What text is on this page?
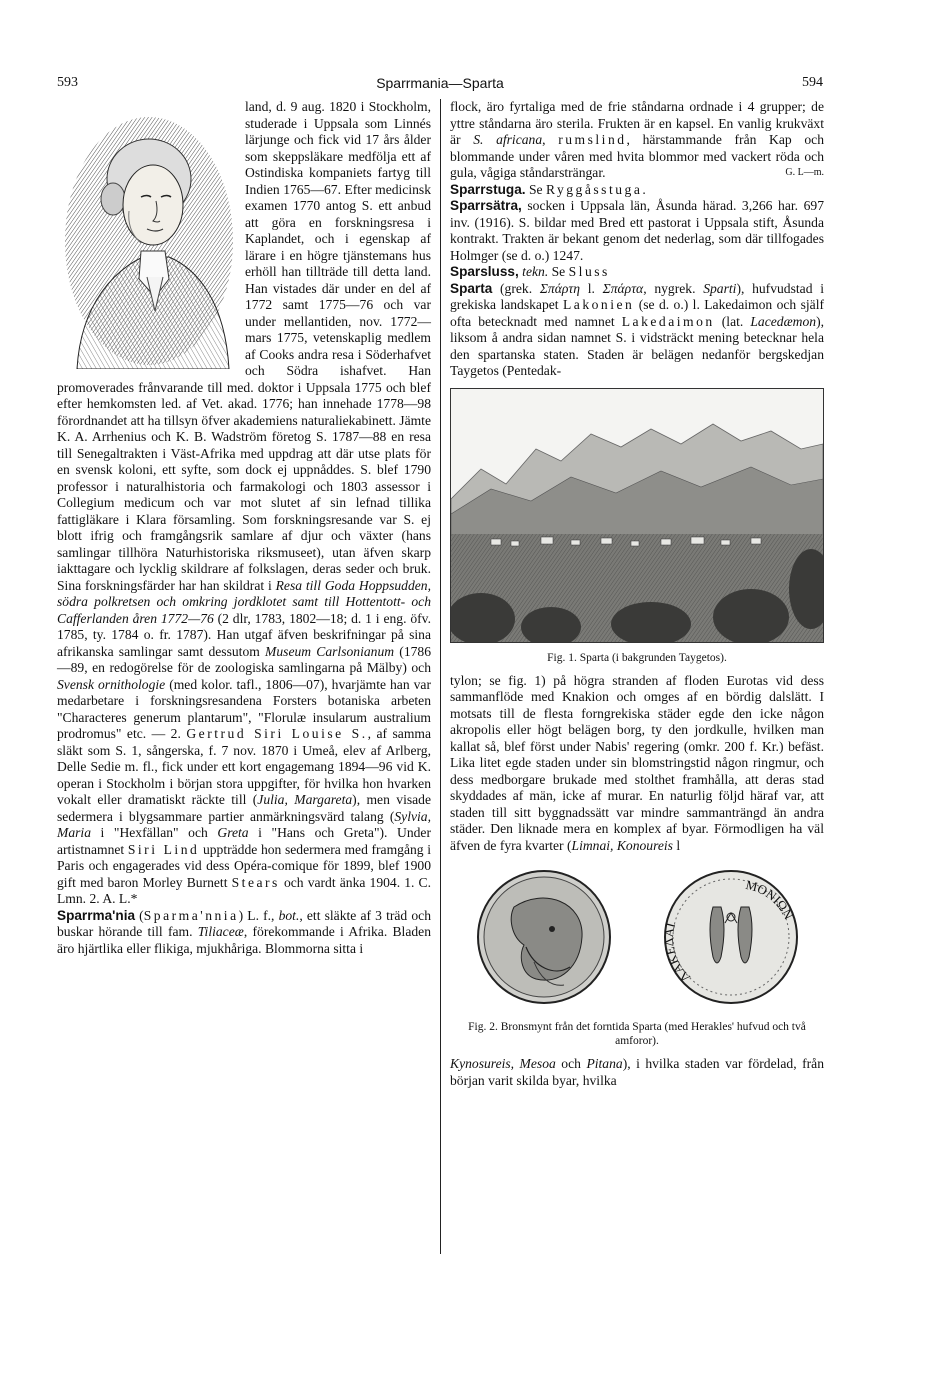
593	Sparrmania—Sparta	594

land, d. 9 aug. 1820 i Stockholm, studerade i Uppsala som Linnés lärjunge och fick vid 17 års ålder som skeppsläkare medfölja ett af Ostindiska kompaniets fartyg till Indien 1765—67. Efter medicinsk examen 1770 antog S. ett anbud att göra en forskningsresa i Kaplandet, och i egenskap af lärare i en högre tjänstemans hus erhöll han tillträde till detta land. Han vistades där under en del af 1772 samt 1775—76 och var under mellantiden, nov. 1772—mars 1775, vetenskaplig medlem af Cooks andra resa i Söderhafvet och Södra ishafvet. Han promoverades frånvarande till med. doktor i Uppsala 1775 och blef efter hemkomsten led. af Vet. akad. 1776; han innehade 1778—98 förordnandet att ha tillsyn öfver akademiens naturaliekabinett. Jämte K. A. Arrhenius och K. B. Wadström företog S. 1787—88 en resa till Senegaltrakten i Väst-Afrika med uppdrag att där utse plats för en svensk koloni, ett syfte, som dock ej uppnåddes. S. blef 1790 professor i naturalhistoria och farmakologi och 1803 assessor i Collegium medicum och var mot slutet af sin lefnad tillika fattigläkare i Klara församling. Som forskningsresande var S. ej blott ifrig och framgångsrik samlare af djur och växter (hans samlingar tillhöra Naturhistoriska riksmuseet), utan äfven skarp iakttagare och lycklig skildrare af folkslagen, deras seder och bruk. Sina forskningsfärder har han skildrat i Resa till Goda Hoppsudden, södra polkretsen och omkring jordklotet samt till Hottentott- och Cafferlanden åren 1772—76 (2 dlr, 1783, 1802—18; d. 1 i eng. öfv. 1785, ty. 1784 o. fr. 1787). Han utgaf äfven beskrifningar på sina afrikanska samlingar samt dessutom Museum Carlsonianum (1786—89, en redogörelse för de zoologiska samlingarna på Mälby) och Svensk ornithologie (med kolor. tafl., 1806—07), hvarjämte han var medarbetare i forskningsresandena Forsters botaniska arbeten "Characteres generum plantarum", "Florulæ insularum australium prodromus" etc. — 2. Gertrud Siri Louise S., af samma släkt som S. 1, sångerska, f. 7 nov. 1870 i Umeå, elev af Arlberg, Delle Sedie m. fl., fick under ett kort engagemang 1894—96 vid K. operan i Stockholm i början stora uppgifter, för hvilka hon hvarken vokalt eller dramatiskt räckte till (Julia, Margareta), men visade sedermera i blygsammare partier anmärkningsvärd talang (Sylvia, Maria i "Hexfällan" och Greta i "Hans och Greta"). Under artistnamnet Siri Lind uppträdde hon sedermera med framgång i Paris och engagerades vid dess Opéra-comique för 1899, blef 1900 gift med baron Morley Burnett Stears och vardt änka 1904. 1. C. Lmn. 2. A. L.*

Sparrma'nia (Sparma'nnia) L. f., bot., ett släkte af 3 träd och buskar hörande till fam. Tiliaceæ, förekommande i Afrika. Bladen äro hjärtlika eller flikiga, mjukhåriga. Blommorna sitta i

flock, äro fyrtaliga med de frie ståndarna ordnade i 4 grupper; de yttre ståndarna äro sterila. Frukten är en kapsel. En vanlig krukväxt är S. africana, rumslind, härstammande från Kap och blommande under våren med hvita blommor med vackert röda och gula, vågiga ståndarsträngar.	G. L—m.

Sparrstuga. Se Ryggåsstuga.

Sparrsätra, socken i Uppsala län, Åsunda härad. 3,266 har. 697 inv. (1916). S. bildar med Bred ett pastorat i Uppsala stift, Åsunda kontrakt. Trakten är bekant genom det nederlag, som där tillfogades Holmger (se d. o.) 1247.

Sparsluss, tekn. Se Sluss

Sparta (grek. Σπάρτη l. Σπάρτα, nygrek. Sparti), hufvudstad i grekiska landskapet Lakonien (se d. o.) l. Lakedaimon och själf ofta betecknadt med namnet Lakedaimon (lat. Lacedæmon), liksom å andra sidan namnet S. i vidsträckt mening betecknar hela den spartanska staten. Staden är belägen nedanför bergskedjan Taygetos (Pentedak-

Fig. 1. Sparta (i bakgrunden Taygetos).

tylon; se fig. 1) på högra stranden af floden Eurotas vid dess sammanflöde med Knakion och omges af en bördig dalslätt. I motsats till de flesta forngrekiska städer egde den icke någon akropolis eller högt belägen borg, ty den jordkulle, hvilken man kallat så, blef först under Nabis' regering (omkr. 200 f. Kr.) befäst. Lika litet egde staden under sin blomstringstid någon ringmur, och dess medborgare brukade med stolthet framhålla, att deras stad skyddades af män, icke af murar. En naturlig följd häraf var, att staden till sitt byggnadssätt var mindre sammanträngd än andra städer. Den liknade mera en komplex af byar. Förmodligen ha väl äfven de fyra kvarter (Limnai, Konoureis l

ΛΑΚΕΔΑΙ
ΜΟΝΙΩΝ
Fig. 2. Bronsmynt från det forntida Sparta (med Herakles' hufvud och två amforor).

Kynosureis, Mesoa och Pitana), i hvilka staden var fördelad, från början varit skilda byar, hvilka
